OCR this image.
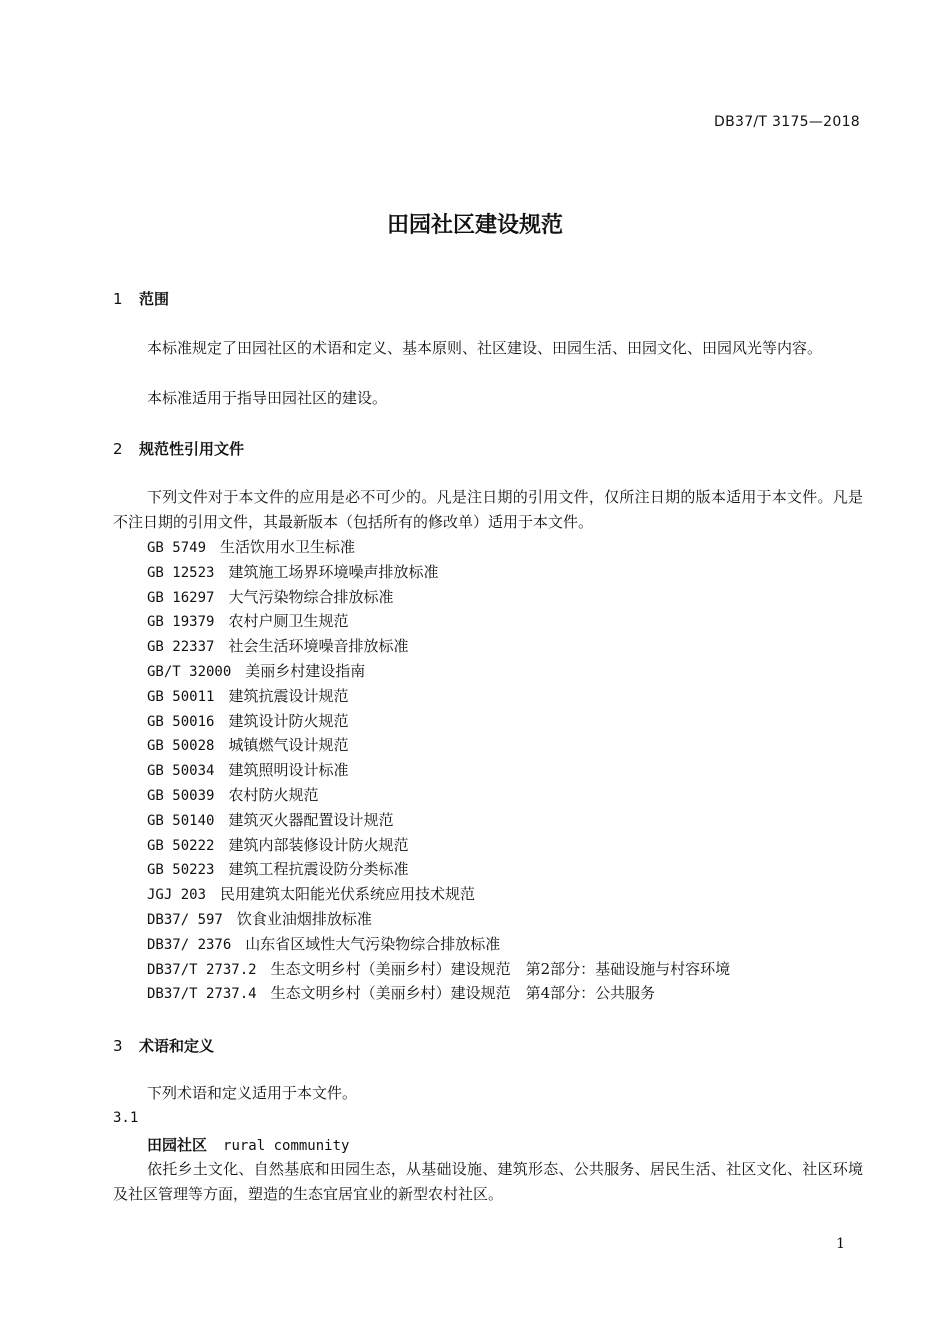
DB37/T 3175—2018
田园社区建设规范
1 范围
本标准规定了田园社区的术语和定义、基本原则、社区建设、田园生活、田园文化、田园风光等内容。
本标准适用于指导田园社区的建设。
2 规范性引用文件
下列文件对于本文件的应用是必不可少的。凡是注日期的引用文件，仅所注日期的版本适用于本文件。凡是不注日期的引用文件，其最新版本（包括所有的修改单）适用于本文件。
GB 5749 生活饮用水卫生标准
GB 12523 建筑施工场界环境噪声排放标准
GB 16297 大气污染物综合排放标准
GB 19379 农村户厕卫生规范
GB 22337 社会生活环境噪音排放标准
GB/T 32000 美丽乡村建设指南
GB 50011 建筑抗震设计规范
GB 50016 建筑设计防火规范
GB 50028 城镇燃气设计规范
GB 50034 建筑照明设计标准
GB 50039 农村防火规范
GB 50140 建筑灭火器配置设计规范
GB 50222 建筑内部装修设计防火规范
GB 50223 建筑工程抗震设防分类标准
JGJ 203 民用建筑太阳能光伏系统应用技术规范
DB37/ 597 饮食业油烟排放标准
DB37/ 2376 山东省区域性大气污染物综合排放标准
DB37/T 2737.2 生态文明乡村（美丽乡村）建设规范　第2部分：基础设施与村容环境
DB37/T 2737.4 生态文明乡村（美丽乡村）建设规范　第4部分：公共服务
3 术语和定义
下列术语和定义适用于本文件。
3.1
田园社区 rural community
依托乡土文化、自然基底和田园生态，从基础设施、建筑形态、公共服务、居民生活、社区文化、社区环境及社区管理等方面，塑造的生态宜居宜业的新型农村社区。
1
